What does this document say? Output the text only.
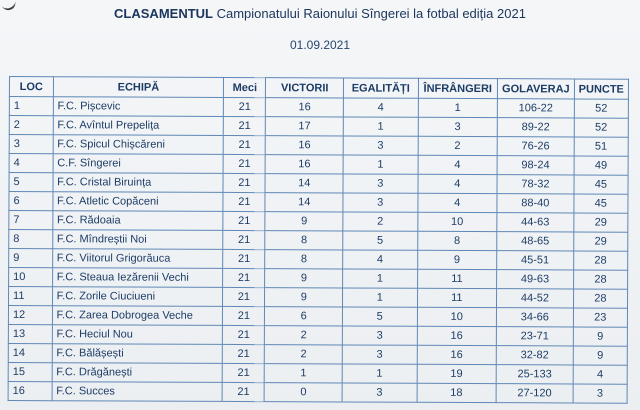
CLASAMENTUL Campionatului Raionului Sîngerei la fotbal ediția 2021
01.09.2021
LOC	ECHIPĂ	Meci	VICTORII	EGALITĂȚI	ÎNFRÂNGERI	GOLAVERAJ	PUNCTE
1	F.C. Pișcevic	21	16	4	1	106-22	52
2	F.C. Avîntul Prepelița	21	17	1	3	89-22	52
3	F.C. Spicul Chișcăreni	21	16	3	2	76-26	51
4	C.F. Sîngerei	21	16	1	4	98-24	49
5	F.C. Cristal Biruința	21	14	3	4	78-32	45
6	F.C. Atletic Copăceni	21	14	3	4	88-40	45
7	F.C. Rădoaia	21	9	2	10	44-63	29
8	F.C. Mîndreștii Noi	21	8	5	8	48-65	29
9	F.C. Viitorul Grigorăuca	21	8	4	9	45-51	28
10	F.C. Steaua Iezărenii Vechi	21	9	1	11	49-63	28
11	F.C. Zorile Ciuciueni	21	9	1	11	44-52	28
12	F.C. Zarea Dobrogea Veche	21	6	5	10	34-66	23
13	F.C. Heciul Nou	21	2	3	16	23-71	9
14	F.C. Bălășești	21	2	3	16	32-82	9
15	F.C. Drăgănești	21	1	1	19	25-133	4
16	F.C. Succes	21	0	3	18	27-120	3
